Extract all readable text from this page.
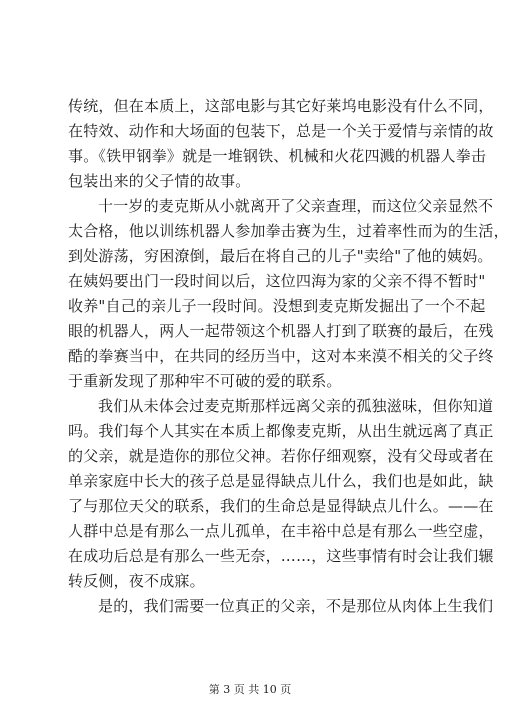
传统，但在本质上，这部电影与其它好莱坞电影没有什么不同，
在特效、动作和大场面的包装下，总是一个关于爱情与亲情的故
事。《铁甲钢拳》就是一堆钢铁、机械和火花四溅的机器人拳击
包装出来的父子情的故事。
十一岁的麦克斯从小就离开了父亲查理，而这位父亲显然不
太合格，他以训练机器人参加拳击赛为生，过着率性而为的生活，
到处游荡，穷困潦倒，最后在将自己的儿子"卖给"了他的姨妈。
在姨妈要出门一段时间以后，这位四海为家的父亲不得不暂时"
收养"自己的亲儿子一段时间。没想到麦克斯发掘出了一个不起
眼的机器人，两人一起带领这个机器人打到了联赛的最后，在残
酷的拳赛当中，在共同的经历当中，这对本来漠不相关的父子终
于重新发现了那种牢不可破的爱的联系。
我们从未体会过麦克斯那样远离父亲的孤独滋味，但你知道
吗。我们每个人其实在本质上都像麦克斯，从出生就远离了真正
的父亲，就是造你的那位父神。若你仔细观察，没有父母或者在
单亲家庭中长大的孩子总是显得缺点儿什么，我们也是如此，缺
了与那位天父的联系，我们的生命总是显得缺点儿什么。——在
人群中总是有那么一点儿孤单，在丰裕中总是有那么一些空虚，
在成功后总是有那么一些无奈，……，这些事情有时会让我们辗
转反侧，夜不成寐。
是的，我们需要一位真正的父亲，不是那位从肉体上生我们
第 3 页 共 10 页
